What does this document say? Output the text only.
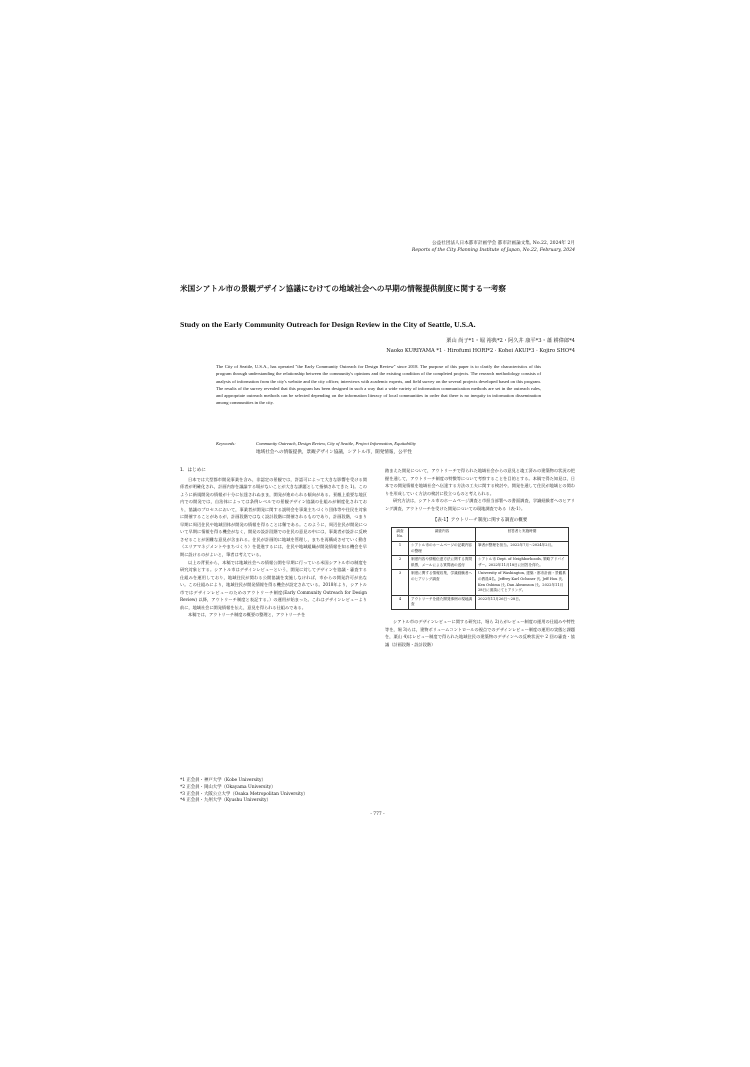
公益社団法人日本都市計画学会 都市計画論文集, No.22, 2024年 2月
Reports of the City Planning Institute of Japan, No.22, February, 2024
米国シアトル市の景観デザイン協議にむけての地域社会への早期の情報提供制度に関する一考察
Study on the Early Community Outreach for Design Review in the City of Seattle, U.S.A.
栗山 尚子*1・堀 裕典*2・阿久井 康平*3・蕭 耕偉郎*4
Naoko KURIYAMA *1 · Hirofumi HORI*2 · Kohei AKUI*3 · Kojiro SHO*4
The City of Seattle, U.S.A., has operated "the Early Community Outreach for Design Review" since 2018. The purpose of this paper is to clarify the characteristics of this program through understanding the relationship between the community's opinions and the existing condition of the completed projects. The research methodology consists of analysis of information from the city's website and the city officer, interviews with academic experts, and field survey on the several projects developed based on this program. The results of the survey revealed that this program has been designed in such a way that a wide variety of information communication methods are set in the outreach rules, and appropriate outreach methods can be selected depending on the information literacy of local communities in order that there is no inequity in information dissemination among communities in the city.
Keywords:	Community Outreach, Design Review, City of Seattle, Project Information, Equitability
地域社会への情報提供，景観デザイン協議，シアトル市，開発情報，公平性
1．はじめに

日本では大型都市開発事業を含み，非認定の景観では，許認可によって大きな影響を受ける関係者が明確化され，計画内容を議論する場がないことが大きな課題として指摘されてきた 1)。このように新規開発の情報が十分に伝達されぬまま，開発が進められる傾向がある。景観上重要な地区内での開発では，自治体によっては条例レベルでの景観デザイン協議の仕組みが制度化されており，協議のプロセスにおいて，事業者が開発に関する説明会を事業主ちづくり団体等や住民を対象に開催することがあるが，計画段階ではなく設計段階に開催されるものであり，計画段階，つまり早期に周辺住民や地域団体が開発の情報を得ることは稀である。このように，周辺住民が開発について早期に情報を得る機会がなく，開発の設計段階での住民の意見の中には，事業者が設計に反映させることが困難な意見が含まれる。住民が計画的に地域を管理し，まちを再構成させていく動き（エリアマネジメントやまちづくり）を促進するには，住民や地域組織が開発情報を知る機会を早期に設けるのがよいと，筆者は考えている。

以上の背景から，本稿では地域社会への情報公開を早期に行っている米国シアトル市の制度を研究対象とする。シアトル市はデザインレビューという，開発に対してデザインを協議・審査する仕組みを運用しており，地域住民が関わる公開協議を実施しなければ，市からの開発許可が出ない。この仕組みにより，地域住民が開発情報を得る機会が設定されている。2018年より，シアトル市ではデザインレビューのためのアウトリーチ制度(Early Community Outreach for Design Review) 以降，アウトリーチ制度と表記する。）の運用が始まった。これはデザインレビューより前に，地域社会に開発情報を伝え，意見を得られる仕組みである。

本稿では，アウトリーチ制度の概要の整理と，アウトリーチを

踏まえた開発について，アウトリーチで得られた地域社会からの意見と竣工済みの建築物の状況の把握を通して，アウトリーチ制度の特徴等について考察することを目的とする。本稿で得た知見は，日本での開発情報を地域社会へ伝達する方法の工夫に関する検討や，開発を通して住民が地域との関わりを形成していく方法の検討に役立つものと考えられる。

研究方法は，シアトル市のホームページ調査と市担当部署への書面調査，学識経験者へのヒアリング調査，アウトリーチを受けた開発についての現地調査である（表-1）。

【表-1】アウトリーチ制度に関する調査の概要
調査No.	調査内容	回答者と実施時期
1	シアトル市のホームページの記載内容の整理	筆者が整理を担当。2022年7月～2024年2月。
2	制度内容や情報伝達方法に関する質問紙票，メールによる質問表の送付	シアトル市 Dept. of Neighborhoods, 策略アドバイザー。2022年11月18日に回答を得た。
3	制度に関する情報収集，学識経験者へのヒアリング調査	University of Washington, 建築・都市計画・景観系の教員4名。Jeffrey Karl Ochsner 氏, Jeff Hou 氏, Ken Oshima 氏, Dan Abramson 氏。2022年11月28日に面談にてヒアリング。
4	アウトリーチを経た開発事例の現地調査	2022年11月26日～28日。

シアトル市のデザインレビューに関する研究は，堀ら 2)らがレビュー制度の運用の仕組みや特性等を，堀 3)らは，建物ボリュームコントロールの視点でのデザインレビュー制度の運用の実態と課題を，栗山 4)はレビュー制度で得られた地域住民の建築物のデザインへの反映状況や 2 回の審査・協議（計画段階・設計段階）

*1 正会員・神戸大学（Kobe University）
*2 正会員・岡山大学（Okayama University）
*3 正会員・大阪公立大学（Osaka Metropolitan University）
*4 正会員・九州大学（Kyushu University）
- 777 -
